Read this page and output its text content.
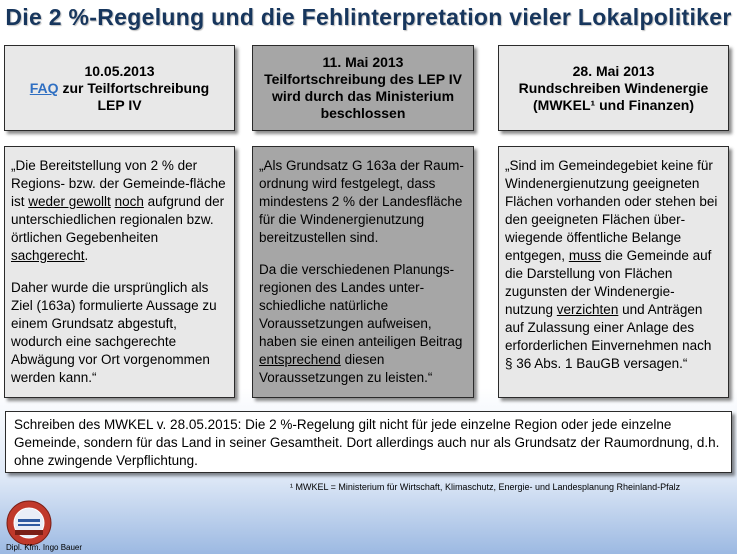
Die 2 %-Regelung und die Fehlinterpretation vieler Lokalpolitiker
10.05.2013
FAQ zur Teilfortschreibung
LEP IV
11. Mai 2013
Teilfortschreibung des LEP IV
wird durch das Ministerium
beschlossen
28. Mai 2013
Rundschreiben Windenergie
(MWKEL¹ und Finanzen)

„Die Bereitstellung von 2 % der Regions- bzw. der Gemeinde-fläche ist weder gewollt noch aufgrund der unterschiedlichen regionalen bzw. örtlichen Gegebenheiten sachgerecht.

Daher wurde die ursprünglich als Ziel (163a) formulierte Aussage zu einem Grundsatz abgestuft, wodurch eine sachgerechte Abwägung vor Ort vorgenommen werden kann.“

„Als Grundsatz G 163a der Raum-ordnung wird festgelegt, dass mindestens 2 % der Landesfläche für die Windenergienutzung bereitzustellen sind.

Da die verschiedenen Planungs-regionen des Landes unter-schiedliche natürliche Voraussetzungen aufweisen, haben sie einen anteiligen Beitrag entsprechend diesen Voraussetzungen zu leisten.“

„Sind im Gemeindegebiet keine für Windenergienutzung geeigneten Flächen vorhanden oder stehen bei den geeigneten Flächen über-wiegende öffentliche Belange entgegen, muss die Gemeinde auf die Darstellung von Flächen zugunsten der Windenergie-nutzung verzichten und Anträgen auf Zulassung einer Anlage des erforderlichen Einvernehmen nach § 36 Abs. 1 BauGB versagen.“

Schreiben des MWKEL v. 28.05.2015: Die 2 %-Regelung gilt nicht für jede einzelne Region oder jede einzelne Gemeinde, sondern für das Land in seiner Gesamtheit. Dort allerdings auch nur als Grundsatz der Raumordnung, d.h. ohne zwingende Verpflichtung.
¹ MWKEL = Ministerium für Wirtschaft, Klimaschutz, Energie- und Landesplanung Rheinland-Pfalz
Dipl. Kfm. Ingo Bauer
